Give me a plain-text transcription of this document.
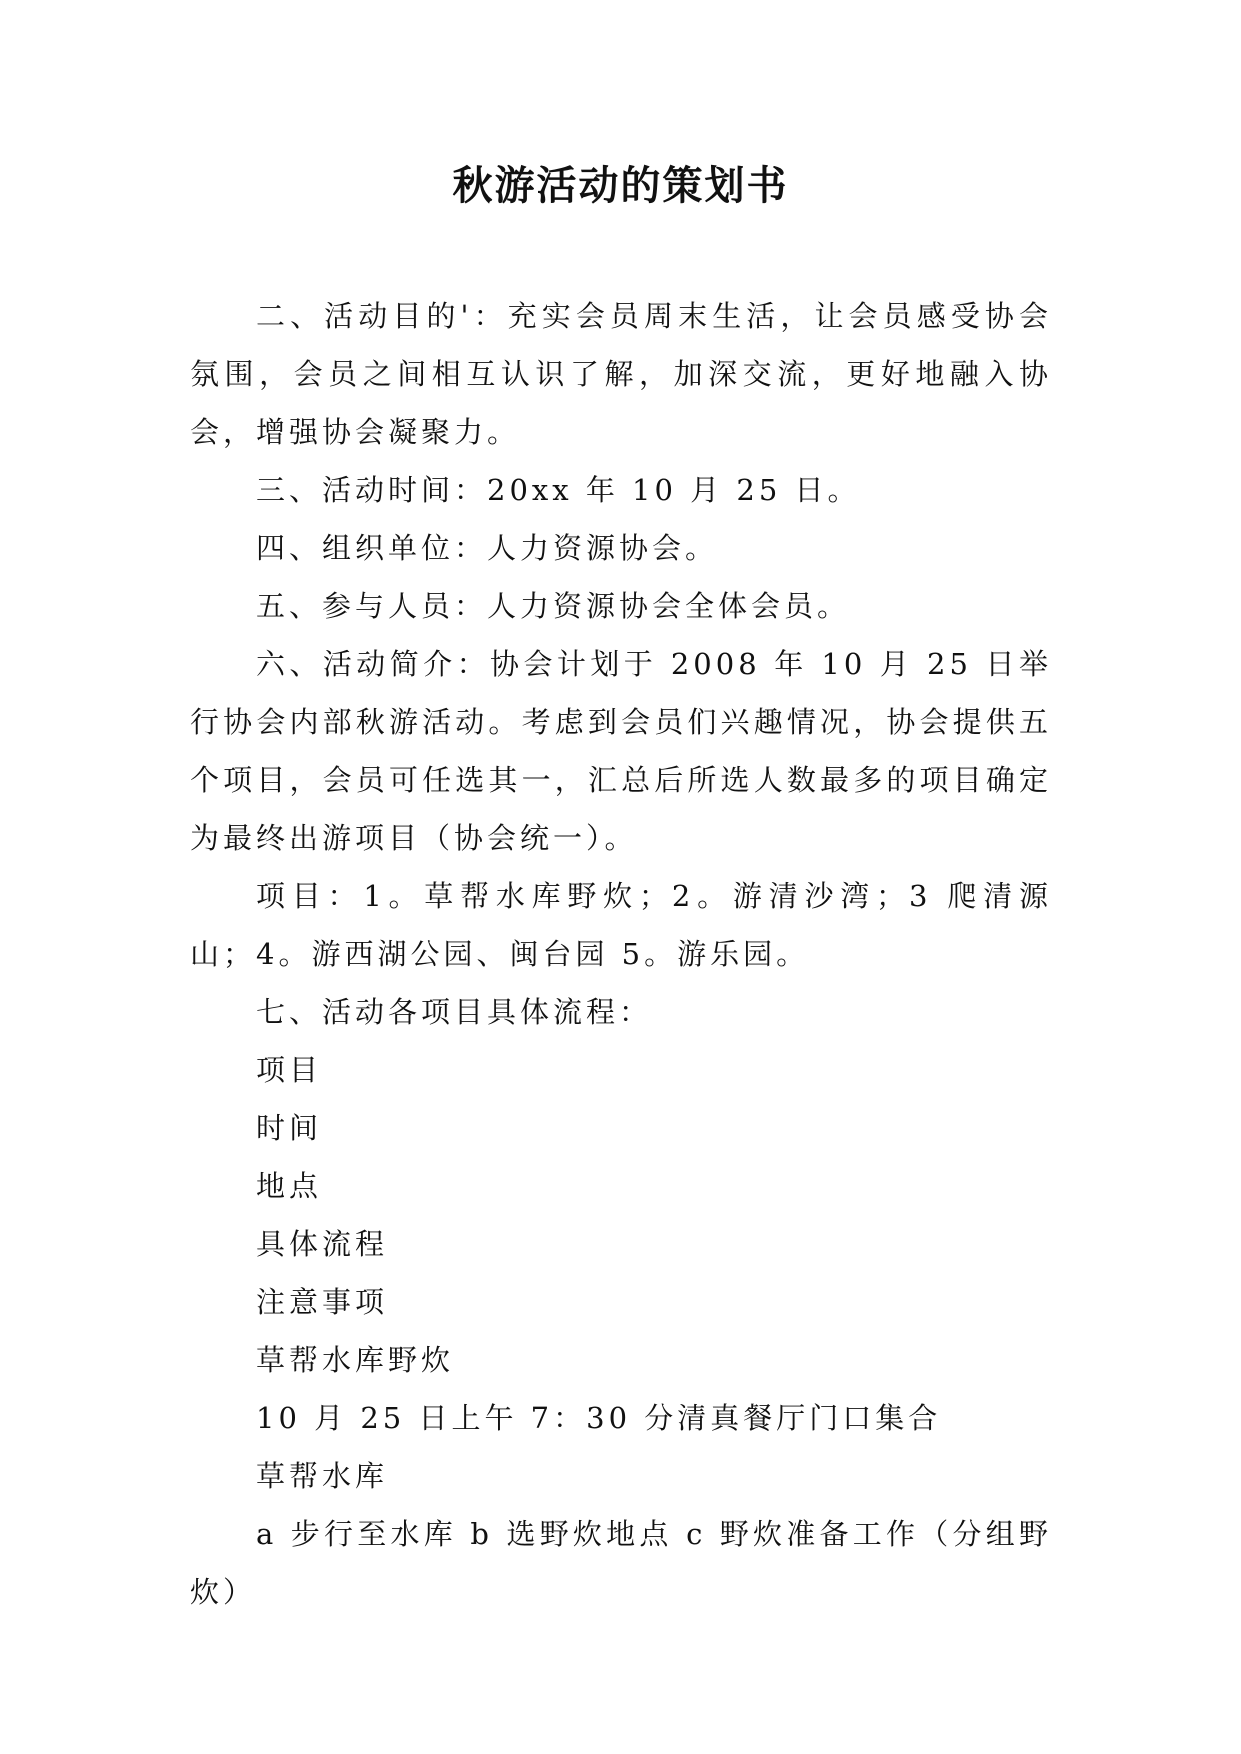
秋游活动的策划书

二、活动目的'：充实会员周末生活，让会员感受协会氛围，会员之间相互认识了解，加深交流，更好地融入协会，增强协会凝聚力。

三、活动时间：20xx 年 10 月 25 日。

四、组织单位：人力资源协会。

五、参与人员：人力资源协会全体会员。

六、活动简介：协会计划于 2008 年 10 月 25 日举行协会内部秋游活动。考虑到会员们兴趣情况，协会提供五个项目，会员可任选其一，汇总后所选人数最多的项目确定为最终出游项目（协会统一）。

项目：1。草帮水库野炊；2。游清沙湾；3 爬清源山；4。游西湖公园、闽台园 5。游乐园。

七、活动各项目具体流程：

项目

时间

地点

具体流程

注意事项

草帮水库野炊

10 月 25 日上午 7：30 分清真餐厅门口集合

草帮水库

a 步行至水库 b 选野炊地点 c 野炊准备工作（分组野炊）
